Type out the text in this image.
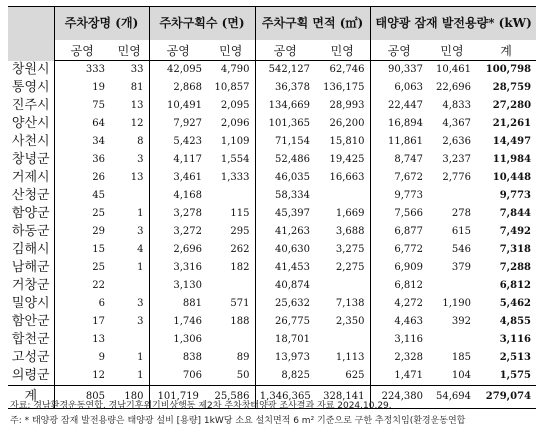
	주차장명 (개)		주차구획수 (면)		주차구획 면적 (㎡)		태양광 잠재 발전용량* (kW)		
	공영	민영	공영	민영	공영	민영	공영	민영	계
창원시	333	33	42,095	4,790	542,127	62,746	90,337	10,461	100,798
통영시	19	81	2,868	10,857	36,378	136,175	6,063	22,696	28,759
진주시	75	13	10,491	2,095	134,669	28,993	22,447	4,833	27,280
양산시	64	12	7,927	2,096	101,365	26,200	16,894	4,367	21,261
사천시	34	8	5,423	1,109	71,154	15,810	11,861	2,636	14,497
창녕군	36	3	4,117	1,554	52,486	19,425	8,747	3,237	11,984
거제시	26	13	3,461	1,333	46,035	16,663	7,672	2,776	10,448
산청군	45		4,168		58,334		9,773		9,773
함양군	25	1	3,278	115	45,397	1,669	7,566	278	7,844
하동군	29	3	3,272	295	41,263	3,688	6,877	615	7,492
김해시	15	4	2,696	262	40,630	3,275	6,772	546	7,318
남해군	25	1	3,316	182	41,453	2,275	6,909	379	7,288
거창군	22		3,130		40,874		6,812		6,812
밀양시	6	3	881	571	25,632	7,138	4,272	1,190	5,462
함안군	17	3	1,746	188	26,775	2,350	4,463	392	4,855
합천군	13		1,306		18,701		3,116		3,116
고성군	9	1	838	89	13,973	1,113	2,328	185	2,513
의령군	12	1	706	50	8,825	625	1,471	104	1,575
계	805	180	101,719	25,586	1,346,365	328,141	224,380	54,694	279,074
자료: 경남환경운동연합, 경남기후위기비상행동 제2차 주차창태양광 조사결과 자료 2024.10.29.
주: * 태양광 잠재 발전용량은 태양광 설비 [용량] 1kW당 소요 설치면적 6 m² 기준으로 구한 추정치임(환경운동연합
